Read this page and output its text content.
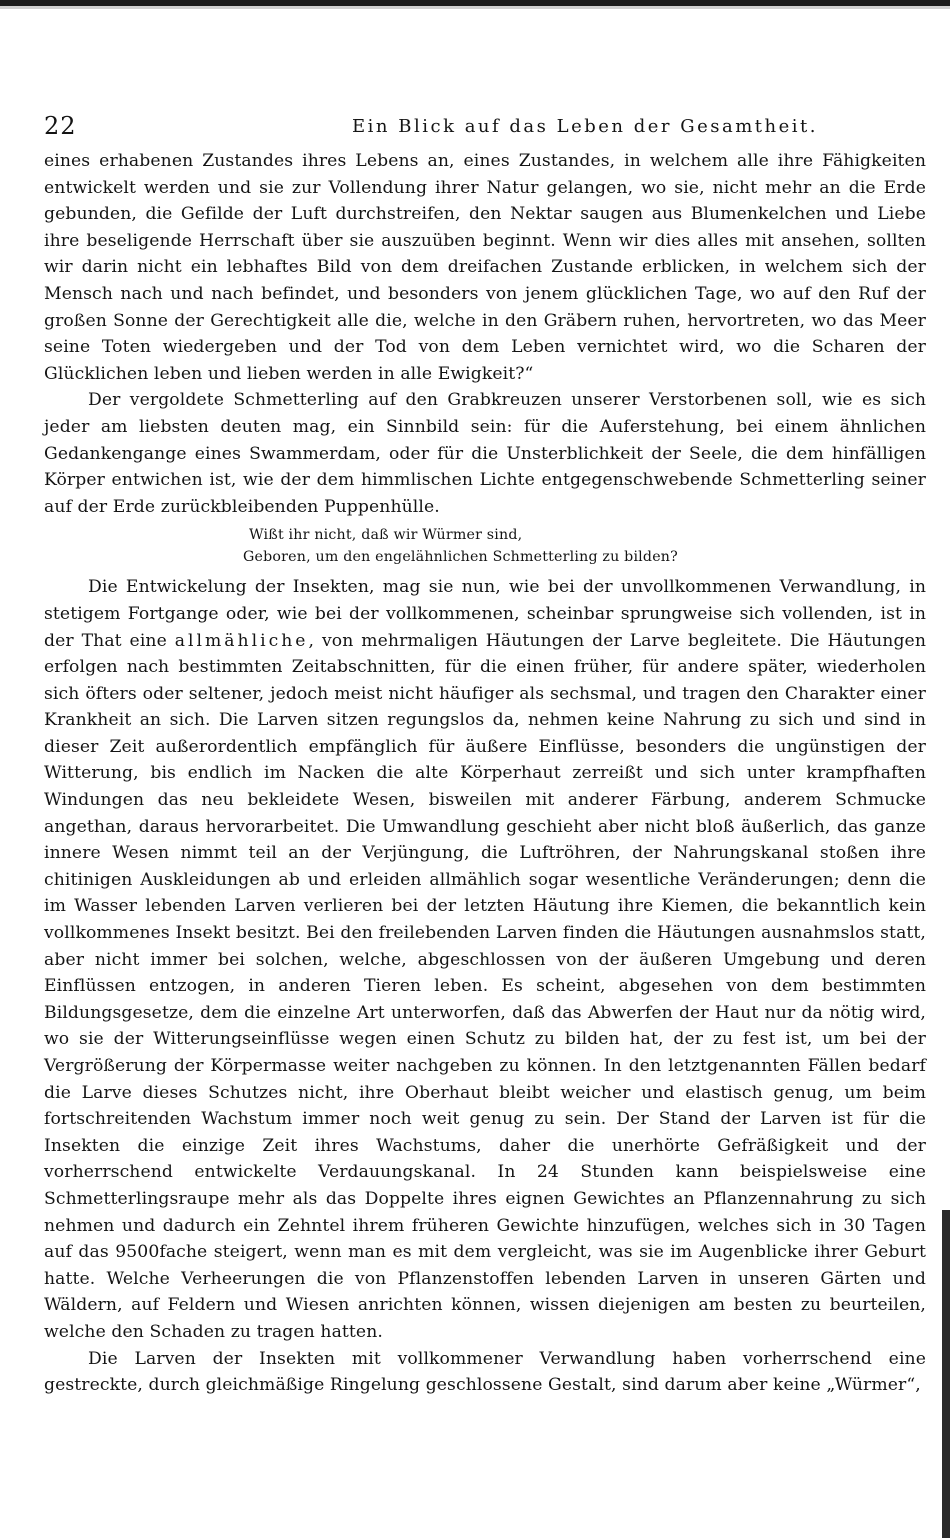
22	Ein Blick auf das Leben der Gesamtheit.

eines erhabenen Zustandes ihres Lebens an, eines Zustandes, in welchem alle ihre Fähigkeiten entwickelt werden und sie zur Vollendung ihrer Natur gelangen, wo sie, nicht mehr an die Erde gebunden, die Gefilde der Luft durchstreifen, den Nektar saugen aus Blumenkelchen und Liebe ihre beseligende Herrschaft über sie auszuüben beginnt. Wenn wir dies alles mit ansehen, sollten wir darin nicht ein lebhaftes Bild von dem dreifachen Zustande erblicken, in welchem sich der Mensch nach und nach befindet, und besonders von jenem glücklichen Tage, wo auf den Ruf der großen Sonne der Gerechtigkeit alle die, welche in den Gräbern ruhen, hervortreten, wo das Meer seine Toten wiedergeben und der Tod von dem Leben vernichtet wird, wo die Scharen der Glücklichen leben und lieben werden in alle Ewigkeit?“

Der vergoldete Schmetterling auf den Grabkreuzen unserer Verstorbenen soll, wie es sich jeder am liebsten deuten mag, ein Sinnbild sein: für die Auferstehung, bei einem ähnlichen Gedankengange eines Swammerdam, oder für die Unsterblichkeit der Seele, die dem hinfälligen Körper entwichen ist, wie der dem himmlischen Lichte entgegenschwebende Schmetterling seiner auf der Erde zurückbleibenden Puppenhülle.

Wißt ihr nicht, daß wir Würmer sind,
Geboren, um den engelähnlichen Schmetterling zu bilden?

Die Entwickelung der Insekten, mag sie nun, wie bei der unvollkommenen Verwandlung, in stetigem Fortgange oder, wie bei der vollkommenen, scheinbar sprungweise sich vollenden, ist in der That eine allmähliche, von mehrmaligen Häutungen der Larve begleitete. Die Häutungen erfolgen nach bestimmten Zeitabschnitten, für die einen früher, für andere später, wiederholen sich öfters oder seltener, jedoch meist nicht häufiger als sechsmal, und tragen den Charakter einer Krankheit an sich. Die Larven sitzen regungslos da, nehmen keine Nahrung zu sich und sind in dieser Zeit außerordentlich empfänglich für äußere Einflüsse, besonders die ungünstigen der Witterung, bis endlich im Nacken die alte Körperhaut zerreißt und sich unter krampfhaften Windungen das neu bekleidete Wesen, bisweilen mit anderer Färbung, anderem Schmucke angethan, daraus hervorarbeitet. Die Umwandlung geschieht aber nicht bloß äußerlich, das ganze innere Wesen nimmt teil an der Verjüngung, die Luftröhren, der Nahrungskanal stoßen ihre chitinigen Auskleidungen ab und erleiden allmählich sogar wesentliche Veränderungen; denn die im Wasser lebenden Larven verlieren bei der letzten Häutung ihre Kiemen, die bekanntlich kein vollkommenes Insekt besitzt. Bei den freilebenden Larven finden die Häutungen ausnahmslos statt, aber nicht immer bei solchen, welche, abgeschlossen von der äußeren Umgebung und deren Einflüssen entzogen, in anderen Tieren leben. Es scheint, abgesehen von dem bestimmten Bildungsgesetze, dem die einzelne Art unterworfen, daß das Abwerfen der Haut nur da nötig wird, wo sie der Witterungseinflüsse wegen einen Schutz zu bilden hat, der zu fest ist, um bei der Vergrößerung der Körpermasse weiter nachgeben zu können. In den letztgenannten Fällen bedarf die Larve dieses Schutzes nicht, ihre Oberhaut bleibt weicher und elastisch genug, um beim fortschreitenden Wachstum immer noch weit genug zu sein. Der Stand der Larven ist für die Insekten die einzige Zeit ihres Wachstums, daher die unerhörte Gefräßigkeit und der vorherrschend entwickelte Verdauungskanal. In 24 Stunden kann beispielsweise eine Schmetterlingsraupe mehr als das Doppelte ihres eignen Gewichtes an Pflanzennahrung zu sich nehmen und dadurch ein Zehntel ihrem früheren Gewichte hinzufügen, welches sich in 30 Tagen auf das 9500fache steigert, wenn man es mit dem vergleicht, was sie im Augenblicke ihrer Geburt hatte. Welche Verheerungen die von Pflanzenstoffen lebenden Larven in unseren Gärten und Wäldern, auf Feldern und Wiesen anrichten können, wissen diejenigen am besten zu beurteilen, welche den Schaden zu tragen hatten.

Die Larven der Insekten mit vollkommener Verwandlung haben vorherrschend eine gestreckte, durch gleichmäßige Ringelung geschlossene Gestalt, sind darum aber keine „Würmer“,
